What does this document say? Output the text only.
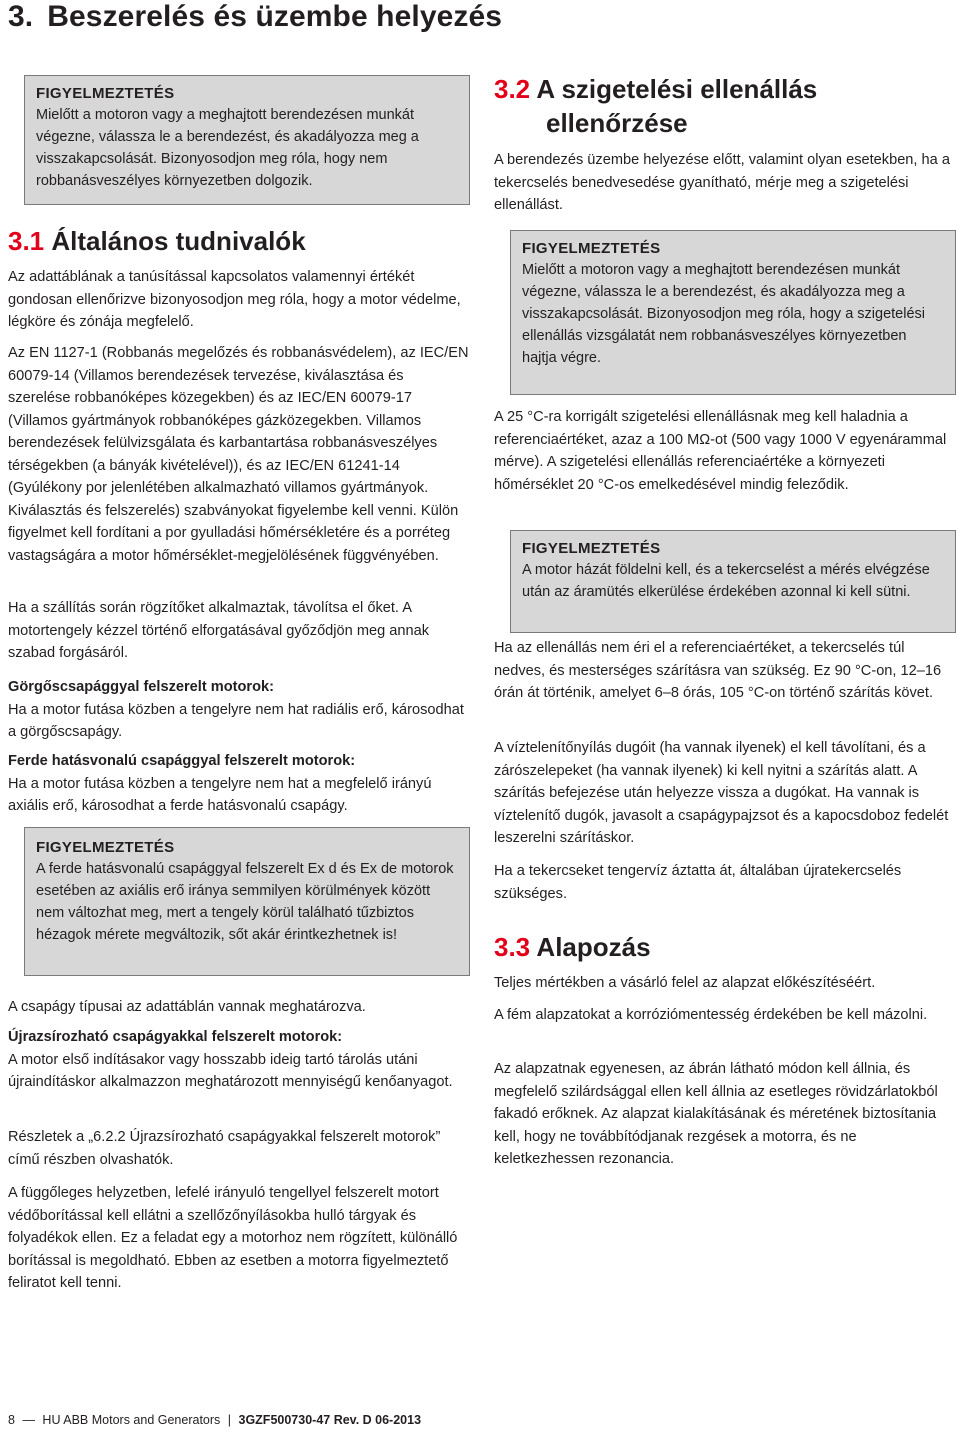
3. Beszerelés és üzembe helyezés
FIGYELMEZTETÉS
Mielőtt a motoron vagy a meghajtott berendezésen munkát végezne, válassza le a berendezést, és akadályozza meg a visszakapcsolását. Bizonyosodjon meg róla, hogy nem robbanásveszélyes környezetben dolgozik.
3.1 Általános tudnivalók
Az adattáblának a tanúsítással kapcsolatos valamennyi értékét gondosan ellenőrizve bizonyosodjon meg róla, hogy a motor védelme, légköre és zónája megfelelő.
Az EN 1127-1 (Robbanás megelőzés és robbanásvédelem), az IEC/EN 60079-14 (Villamos berendezések tervezése, kiválasztása és szerelése robbanóképes közegekben) és az IEC/EN 60079-17 (Villamos gyártmányok robbanóképes gázközegekben. Villamos berendezések felülvizsgálata és karbantartása robbanásveszélyes térségekben (a bányák kivételével)), és az IEC/EN 61241-14 (Gyúlékony por jelenlétében alkalmazható villamos gyártmányok. Kiválasztás és felszerelés) szabványokat figyelembe kell venni. Külön figyelmet kell fordítani a por gyulladási hőmérsékletére és a porréteg vastagságára a motor hőmérséklet-megjelölésének függvényében.
Ha a szállítás során rögzítőket alkalmaztak, távolítsa el őket. A motortengely kézzel történő elforgatásával győződjön meg annak szabad forgásáról.
Görgőscsapággyal felszerelt motorok:
Ha a motor futása közben a tengelyre nem hat radiális erő, károsodhat a görgőscsapágy.
Ferde hatásvonalú csapággyal felszerelt motorok:
Ha a motor futása közben a tengelyre nem hat a megfelelő irányú axiális erő, károsodhat a ferde hatásvonalú csapágy.
FIGYELMEZTETÉS
A ferde hatásvonalú csapággyal felszerelt Ex d és Ex de motorok esetében az axiális erő iránya semmilyen körülmények között nem változhat meg, mert a tengely körül található tűzbiztos hézagok mérete megváltozik, sőt akár érintkezhetnek is!
A csapágy típusai az adattáblán vannak meghatározva.
Újrazsírozható csapágyakkal felszerelt motorok:
A motor első indításakor vagy hosszabb ideig tartó tárolás utáni újraindításkor alkalmazzon meghatározott mennyiségű kenőanyagot.
Részletek a „6.2.2 Újrazsírozható csapágyakkal felszerelt motorok” című részben olvashatók.
A függőleges helyzetben, lefelé irányuló tengellyel felszerelt motort védőborítással kell ellátni a szellőzőnyílásokba hulló tárgyak és folyadékok ellen. Ez a feladat egy a motorhoz nem rögzített, különálló borítással is megoldható. Ebben az esetben a motorra figyelmeztető feliratot kell tenni.
3.2 A szigetelési ellenállás
ellenőrzése
A berendezés üzembe helyezése előtt, valamint olyan esetekben, ha a tekercselés benedvesedése gyanítható, mérje meg a szigetelési ellenállást.
FIGYELMEZTETÉS
Mielőtt a motoron vagy a meghajtott berendezésen munkát végezne, válassza le a berendezést, és akadályozza meg a visszakapcsolását. Bizonyosodjon meg róla, hogy a szigetelési ellenállás vizsgálatát nem robbanásveszélyes környezetben hajtja végre.
A 25 °C-ra korrigált szigetelési ellenállásnak meg kell haladnia a referenciaértéket, azaz a 100 MΩ-ot (500 vagy 1000 V egyenárammal mérve). A szigetelési ellenállás referenciaértéke a környezeti hőmérséklet 20 °C-os emelkedésével mindig feleződik.
FIGYELMEZTETÉS
A motor házát földelni kell, és a tekercselést a mérés elvégzése után az áramütés elkerülése érdekében azonnal ki kell sütni.
Ha az ellenállás nem éri el a referenciaértéket, a tekercselés túl nedves, és mesterséges szárításra van szükség. Ez 90 °C-on, 12–16 órán át történik, amelyet 6–8 órás, 105 °C-on történő szárítás követ.
A víztelenítőnyílás dugóit (ha vannak ilyenek) el kell távolítani, és a zárószelepeket (ha vannak ilyenek) ki kell nyitni a szárítás alatt. A szárítás befejezése után helyezze vissza a dugókat. Ha vannak is víztelenítő dugók, javasolt a csapágypajzsot és a kapocsdoboz fedelét leszerelni szárításkor.
Ha a tekercseket tengervíz áztatta át, általában újratekercselés szükséges.
3.3 Alapozás
Teljes mértékben a vásárló felel az alapzat előkészítéséért.
A fém alapzatokat a korróziómentesség érdekében be kell mázolni.
Az alapzatnak egyenesen, az ábrán látható módon kell állnia, és megfelelő szilárdsággal ellen kell állnia az esetleges rövidzárlatokból fakadó erőknek. Az alapzat kialakításának és méretének biztosítania kell, hogy ne továbbítódjanak rezgések a motorra, és ne keletkezhessen rezonancia.
8 — HU ABB Motors and Generators | 3GZF500730-47 Rev. D 06-2013
